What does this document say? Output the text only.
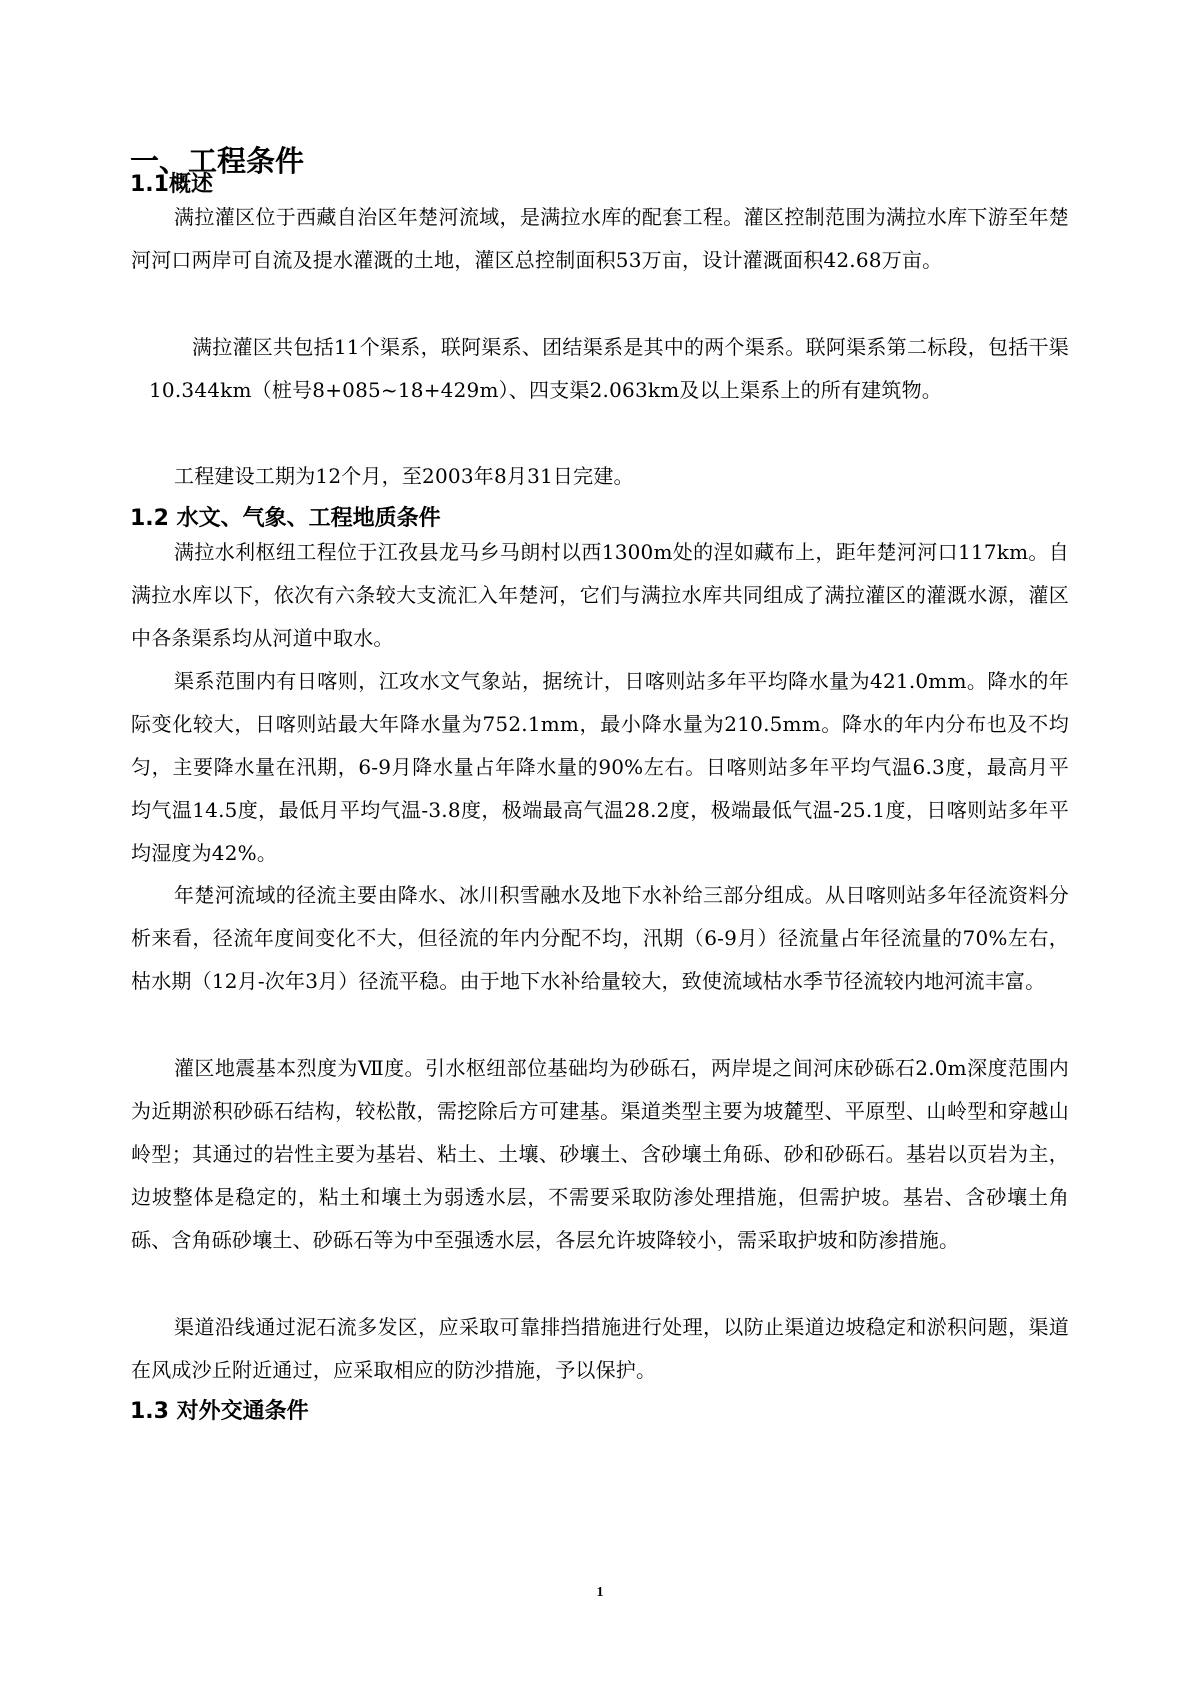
一、工程条件
1.1概述

满拉灌区位于西藏自治区年楚河流域，是满拉水库的配套工程。灌区控制范围为满拉水库下游至年楚河河口两岸可自流及提水灌溉的土地，灌区总控制面积53万亩，设计灌溉面积42.68万亩。

满拉灌区共包括11个渠系，联阿渠系、团结渠系是其中的两个渠系。联阿渠系第二标段，包括干渠10.344km（桩号8+085~18+429m）、四支渠2.063km及以上渠系上的所有建筑物。

工程建设工期为12个月，至2003年8月31日完建。

1.2 水文、气象、工程地质条件

满拉水利枢纽工程位于江孜县龙马乡马朗村以西1300m处的涅如藏布上，距年楚河河口117km。自满拉水库以下，依次有六条较大支流汇入年楚河，它们与满拉水库共同组成了满拉灌区的灌溉水源，灌区中各条渠系均从河道中取水。

渠系范围内有日喀则，江攻水文气象站，据统计，日喀则站多年平均降水量为421.0mm。降水的年际变化较大，日喀则站最大年降水量为752.1mm，最小降水量为210.5mm。降水的年内分布也及不均匀，主要降水量在汛期，6-9月降水量占年降水量的90%左右。日喀则站多年平均气温6.3度，最高月平均气温14.5度，最低月平均气温-3.8度，极端最高气温28.2度，极端最低气温-25.1度，日喀则站多年平均湿度为42%。

年楚河流域的径流主要由降水、冰川积雪融水及地下水补给三部分组成。从日喀则站多年径流资料分析来看，径流年度间变化不大，但径流的年内分配不均，汛期（6-9月）径流量占年径流量的70%左右，枯水期（12月-次年3月）径流平稳。由于地下水补给量较大，致使流域枯水季节径流较内地河流丰富。

灌区地震基本烈度为Ⅶ度。引水枢纽部位基础均为砂砾石，两岸堤之间河床砂砾石2.0m深度范围内为近期淤积砂砾石结构，较松散，需挖除后方可建基。渠道类型主要为坡麓型、平原型、山岭型和穿越山岭型；其通过的岩性主要为基岩、粘土、土壤、砂壤土、含砂壤土角砾、砂和砂砾石。基岩以页岩为主，边坡整体是稳定的，粘土和壤土为弱透水层，不需要采取防渗处理措施，但需护坡。基岩、含砂壤土角砾、含角砾砂壤土、砂砾石等为中至强透水层，各层允许坡降较小，需采取护坡和防渗措施。

渠道沿线通过泥石流多发区，应采取可靠排挡措施进行处理，以防止渠道边坡稳定和淤积问题，渠道在风成沙丘附近通过，应采取相应的防沙措施，予以保护。

1.3 对外交通条件
1
